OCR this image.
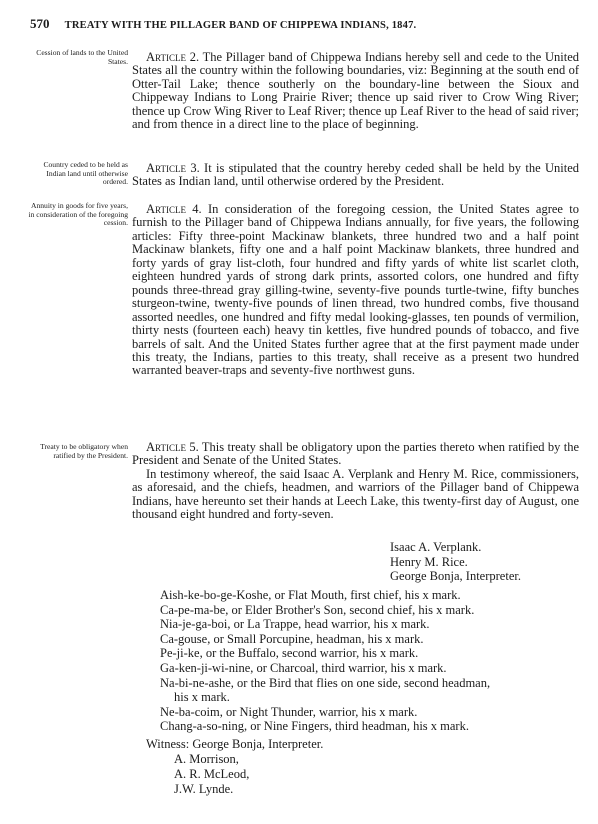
570 TREATY WITH THE PILLAGER BAND OF CHIPPEWA INDIANS, 1847.
Cession of lands to the United States.
Country ceded to be held as Indian land until otherwise ordered.
Annuity in goods for five years, in consideration of the foregoing cession.
Treaty to be obligatory when ratified by the President.
Article 2. The Pillager band of Chippewa Indians hereby sell and cede to the United States all the country within the following boundaries, viz: Beginning at the south end of Otter-Tail Lake; thence southerly on the boundary-line between the Sioux and Chippeway Indians to Long Prairie River; thence up said river to Crow Wing River; thence up Crow Wing River to Leaf River; thence up Leaf River to the head of said river; and from thence in a direct line to the place of beginning.
Article 3. It is stipulated that the country hereby ceded shall be held by the United States as Indian land, until otherwise ordered by the President.
Article 4. In consideration of the foregoing cession, the United States agree to furnish to the Pillager band of Chippewa Indians annually, for five years, the following articles: Fifty three-point Mackinaw blankets, three hundred two and a half point Mackinaw blankets, fifty one and a half point Mackinaw blankets, three hundred and forty yards of gray list-cloth, four hundred and fifty yards of white list scarlet cloth, eighteen hundred yards of strong dark prints, assorted colors, one hundred and fifty pounds three-thread gray gilling-twine, seventy-five pounds turtle-twine, fifty bunches sturgeon-twine, twenty-five pounds of linen thread, two hundred combs, five thousand assorted needles, one hundred and fifty medal looking-glasses, ten pounds of vermilion, thirty nests (fourteen each) heavy tin kettles, five hundred pounds of tobacco, and five barrels of salt. And the United States further agree that at the first payment made under this treaty, the Indians, parties to this treaty, shall receive as a present two hundred warranted beaver-traps and seventy-five northwest guns.
Article 5. This treaty shall be obligatory upon the parties thereto when ratified by the President and Senate of the United States.
In testimony whereof, the said Isaac A. Verplank and Henry M. Rice, commissioners, as aforesaid, and the chiefs, headmen, and warriors of the Pillager band of Chippewa Indians, have hereunto set their hands at Leech Lake, this twenty-first day of August, one thousand eight hundred and forty-seven.
Isaac A. Verplank.
Henry M. Rice.
George Bonja, Interpreter.
Aish-ke-bo-ge-Koshe, or Flat Mouth, first chief, his x mark.
Ca-pe-ma-be, or Elder Brother's Son, second chief, his x mark.
Nia-je-ga-boi, or La Trappe, head warrior, his x mark.
Ca-gouse, or Small Porcupine, headman, his x mark.
Pe-ji-ke, or the Buffalo, second warrior, his x mark.
Ga-ken-ji-wi-nine, or Charcoal, third warrior, his x mark.
Na-bi-ne-ashe, or the Bird that flies on one side, second headman,
his x mark.
Ne-ba-coim, or Night Thunder, warrior, his x mark.
Chang-a-so-ning, or Nine Fingers, third headman, his x mark.
Witness: George Bonja, Interpreter.
A. Morrison,
A. R. McLeod,
J.W. Lynde.
